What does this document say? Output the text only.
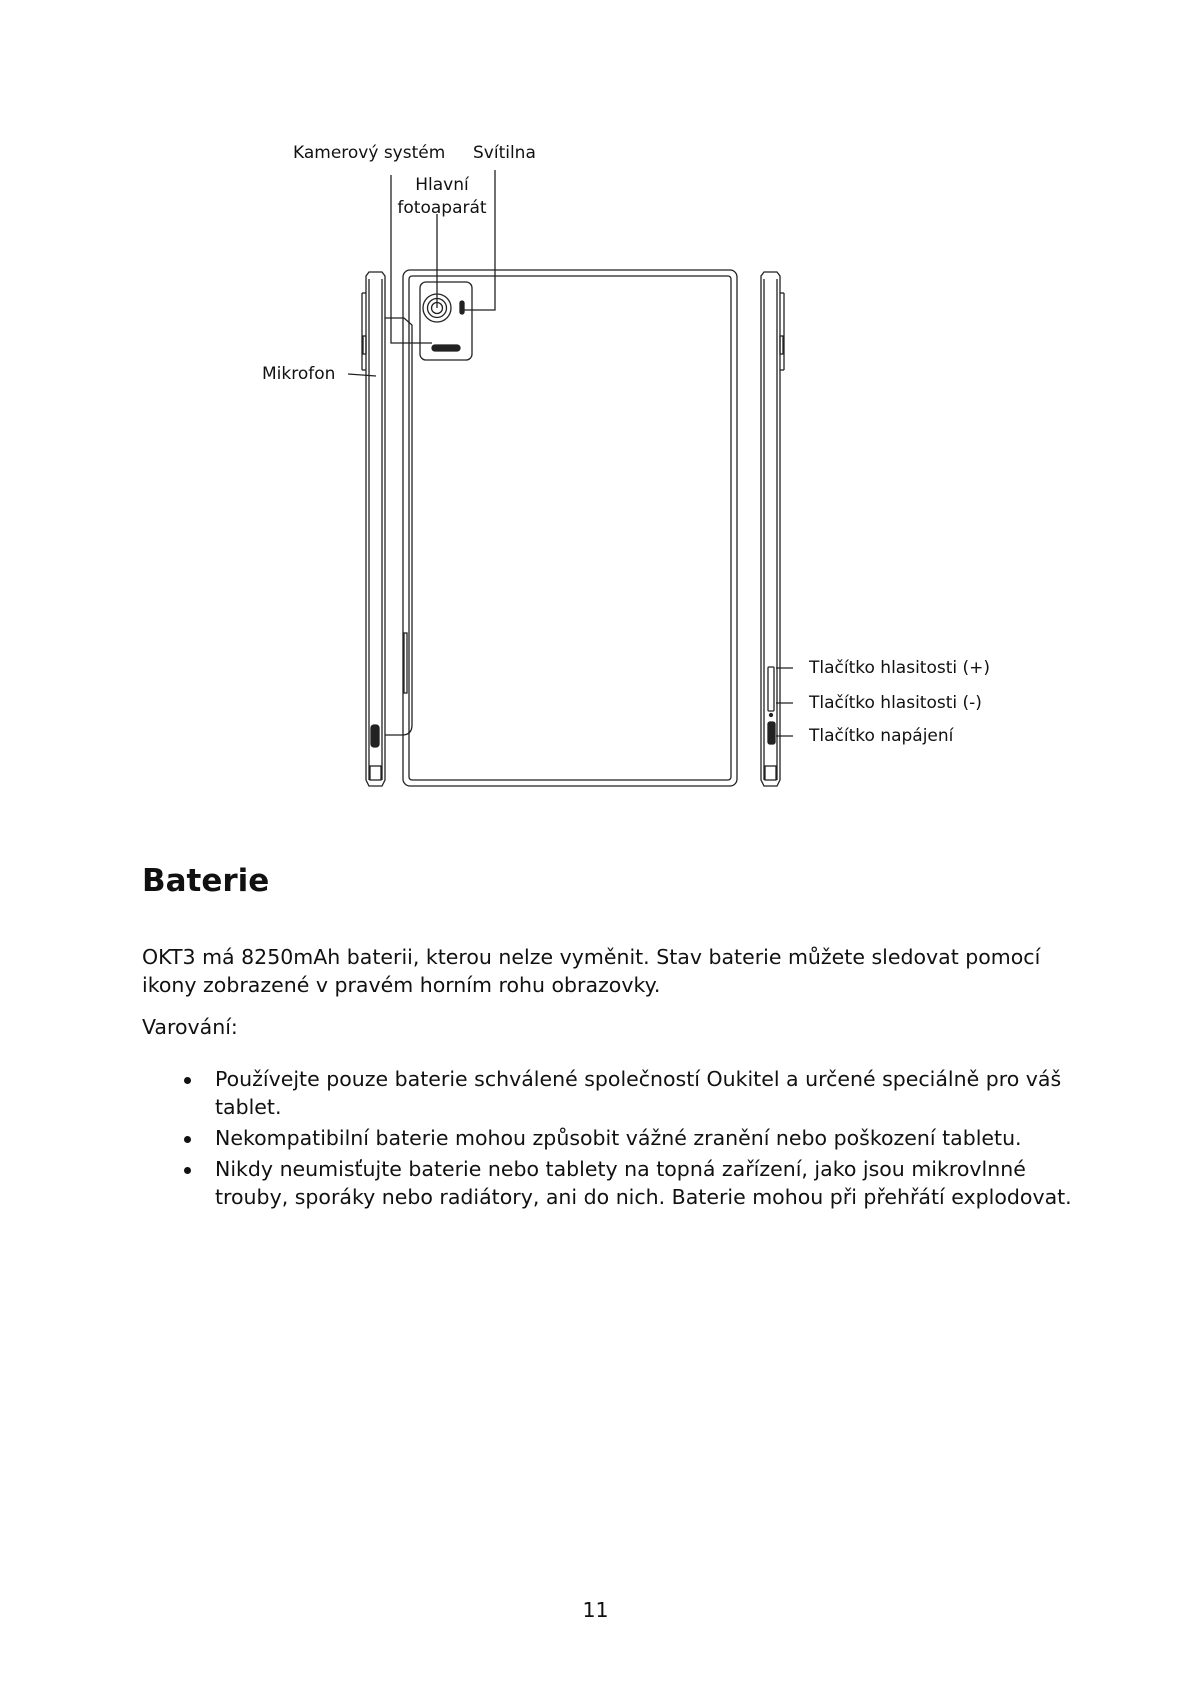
Kamerový systém Svítilna
Hlavní
fotoaparát
Mikrofon
Tlačítko hlasitosti (+)
Tlačítko hlasitosti (-)
Tlačítko napájení
Baterie

OKT3 má 8250mAh baterii, kterou nelze vyměnit. Stav baterie můžete sledovat pomocí ikony zobrazené v pravém horním rohu obrazovky.

Varování:

Používejte pouze baterie schválené společností Oukitel a určené speciálně pro váš tablet.
Nekompatibilní baterie mohou způsobit vážné zranění nebo poškození tabletu.
Nikdy neumisťujte baterie nebo tablety na topná zařízení, jako jsou mikrovlnné trouby, sporáky nebo radiátory, ani do nich. Baterie mohou při přehřátí explodovat.
11
